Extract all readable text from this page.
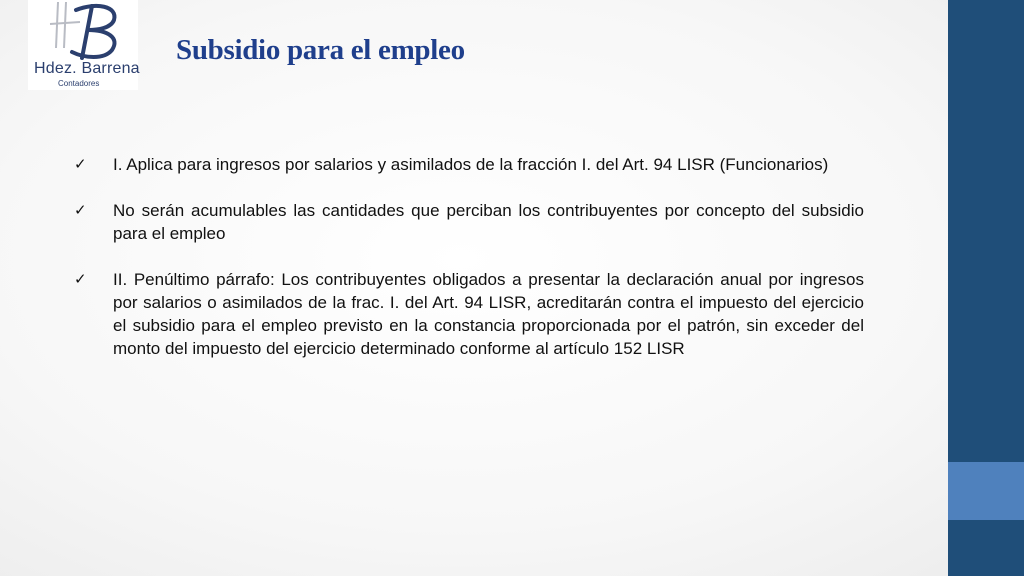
Hdez. Barrena
Contadores
Subsidio para el empleo
✓	I. Aplica para ingresos por salarios y asimilados de la fracción I. del Art. 94 LISR (Funcionarios)

✓	No serán acumulables las cantidades que perciban los contribuyentes por concepto del subsidio para el empleo

✓	II. Penúltimo párrafo: Los contribuyentes obligados a presentar la declaración anual por ingresos por salarios o asimilados de la frac. I. del Art. 94 LISR, acreditarán contra el impuesto del ejercicio el subsidio para el empleo previsto en la constancia proporcionada por el patrón, sin exceder del monto del impuesto del ejercicio determinado conforme al artículo 152 LISR
